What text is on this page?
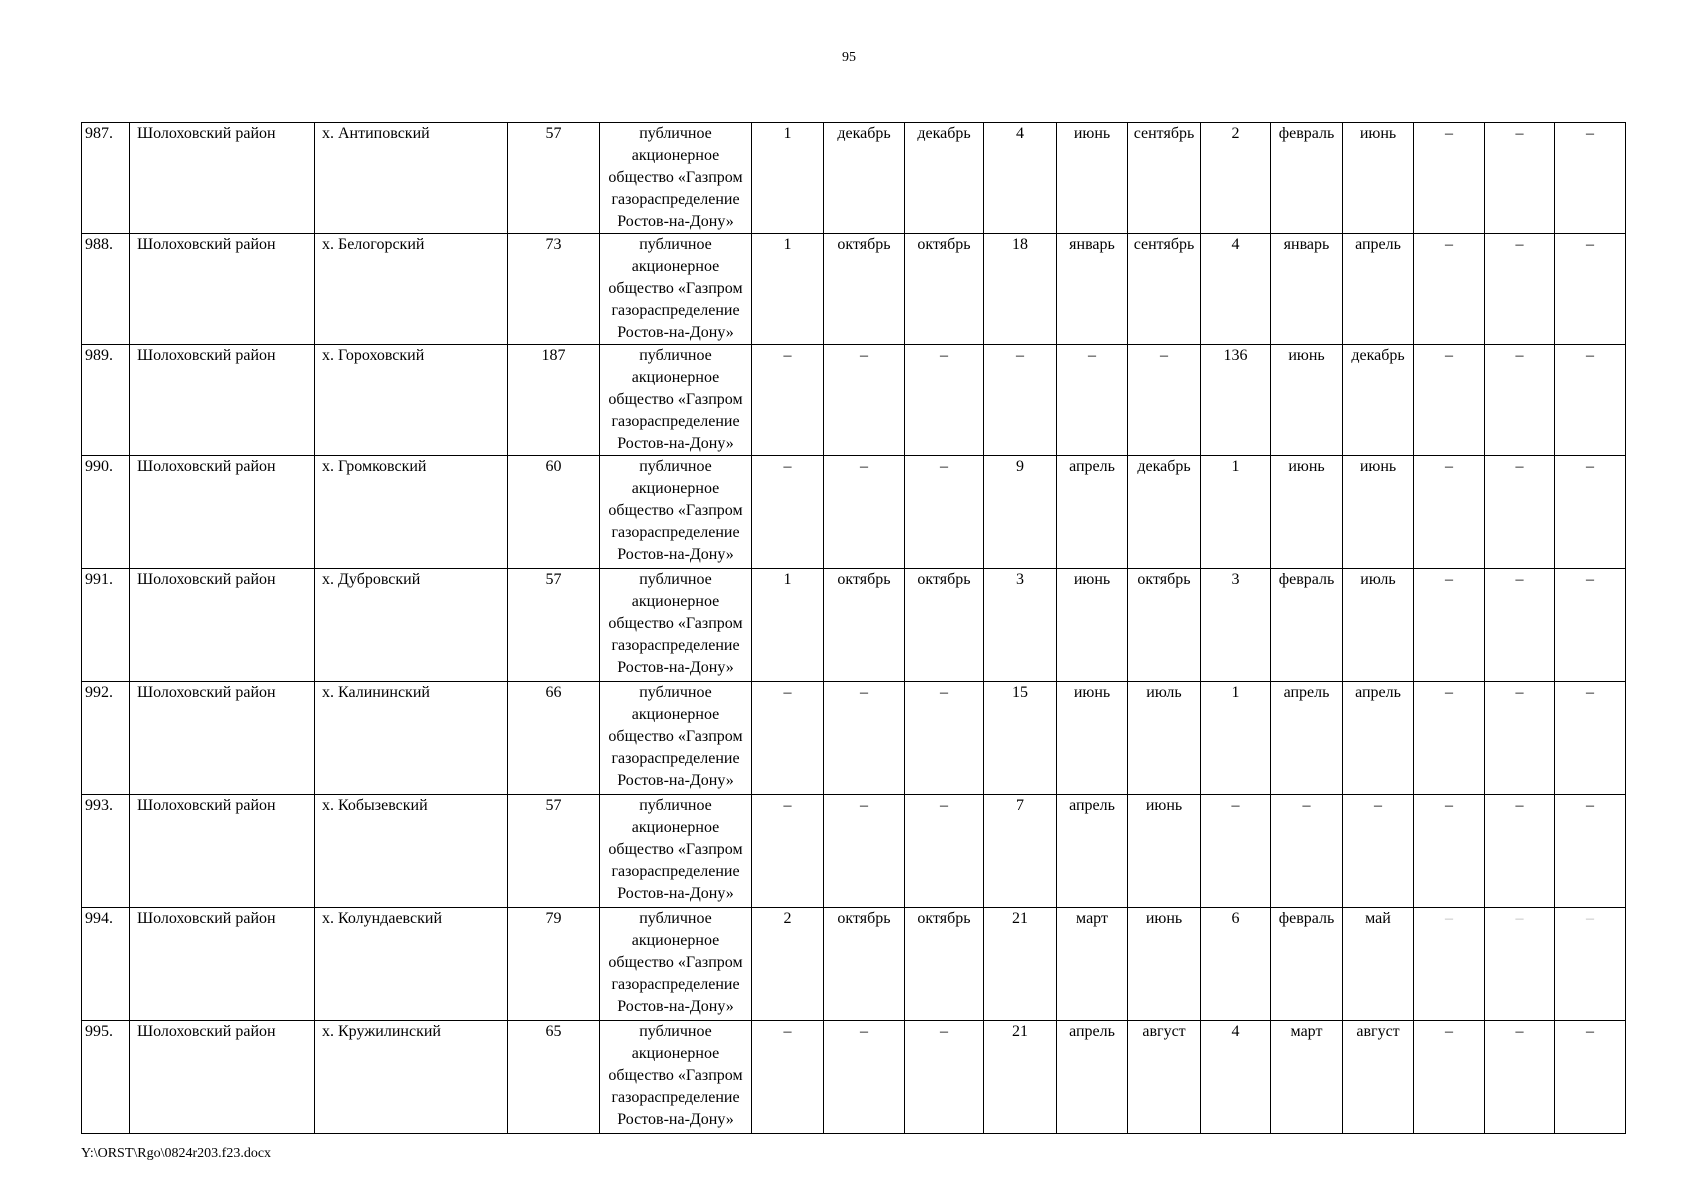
95
987.	Шолоховский район	х. Антиповский	57	публичное акционерное общество «Газпром газораспределение Ростов-на-Дону»	1	декабрь	декабрь	4	июнь	сентябрь	2	февраль	июнь	–	–	–
988.	Шолоховский район	х. Белогорский	73	публичное акционерное общество «Газпром газораспределение Ростов-на-Дону»	1	октябрь	октябрь	18	январь	сентябрь	4	январь	апрель	–	–	–
989.	Шолоховский район	х. Гороховский	187	публичное акционерное общество «Газпром газораспределение Ростов-на-Дону»	–	–	–	–	–	–	136	июнь	декабрь	–	–	–
990.	Шолоховский район	х. Громковский	60	публичное акционерное общество «Газпром газораспределение Ростов-на-Дону»	–	–	–	9	апрель	декабрь	1	июнь	июнь	–	–	–
991.	Шолоховский район	х. Дубровский	57	публичное акционерное общество «Газпром газораспределение Ростов-на-Дону»	1	октябрь	октябрь	3	июнь	октябрь	3	февраль	июль	–	–	–
992.	Шолоховский район	х. Калининский	66	публичное акционерное общество «Газпром газораспределение Ростов-на-Дону»	–	–	–	15	июнь	июль	1	апрель	апрель	–	–	–
993.	Шолоховский район	х. Кобызевский	57	публичное акционерное общество «Газпром газораспределение Ростов-на-Дону»	–	–	–	7	апрель	июнь	–	–	–	–	–	–
994.	Шолоховский район	х. Колундаевский	79	публичное акционерное общество «Газпром газораспределение Ростов-на-Дону»	2	октябрь	октябрь	21	март	июнь	6	февраль	май	–	–	–
995.	Шолоховский район	х. Кружилинский	65	публичное акционерное общество «Газпром газораспределение Ростов-на-Дону»	–	–	–	21	апрель	август	4	март	август	–	–	–
Y:\ORST\Rgo\0824r203.f23.docx
